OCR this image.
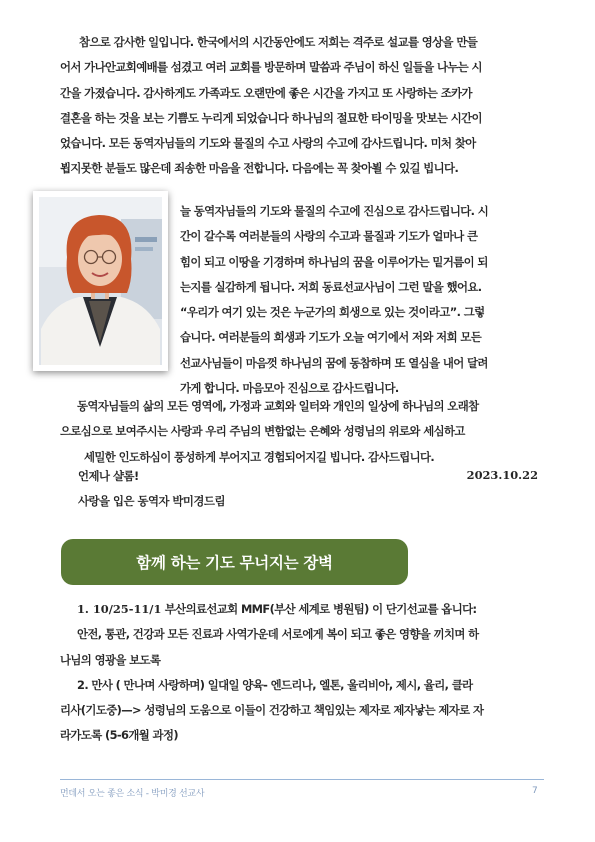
참으로 감사한 일입니다. 한국에서의 시간동안에도 저희는 격주로 설교를 영상을 만들
어서 가나안교회예배를 섬겼고 여러 교회를 방문하며 말씀과 주님이 하신 일들을 나누는 시
간을 가졌습니다. 감사하게도 가족과도 오랜만에 좋은 시간을 가지고 또 사랑하는 조카가
결혼을 하는 것을 보는 기쁨도 누리게 되었습니다 하나님의 절묘한 타이밍을 맛보는 시간이
었습니다. 모든 동역자님들의 기도와 물질의 수고 사랑의 수고에 감사드립니다. 미처 찾아
뵙지못한 분들도 많은데 죄송한 마음을 전합니다. 다음에는 꼭 찾아뵐 수 있길 빕니다.
늘 동역자님들의 기도와 물질의 수고에 진심으로 감사드립니다. 시
간이 갈수록 여러분들의 사랑의 수고과 물질과 기도가 얼마나 큰
힘이 되고 이땅을 기경하며 하나님의 꿈을 이루어가는 밑거름이 되
는지를 실감하게 됩니다. 저희 동료선교사님이 그런 말을 했어요.
“우리가 여기 있는 것은 누군가의 희생으로 있는 것이라고”. 그렇
습니다. 여러분들의 희생과 기도가 오늘 여기에서 저와 저희 모든
선교사님들이 마음껏 하나님의 꿈에 동참하며 또 열심을 내어 달려
가게 합니다. 마음모아 진심으로 감사드립니다.
동역자님들의 삶의 모든 영역에, 가정과 교회와 일터와 개인의 일상에 하나님의 오래참
으로심으로 보여주시는 사랑과 우리 주님의 변함없는 은혜와 성령님의 위로와 세심하고
세밀한 인도하심이 풍성하게 부어지고 경험되어지길 빕니다. 감사드립니다.
언제나 샬롬!	2023.10.22
사랑을 입은 동역자 박미경드림
함께 하는 기도 무너지는 장벽
1. 10/25-11/1 부산의료선교회 MMF(부산 세계로 병원팀) 이 단기선교를 옵니다:
안전, 통관, 건강과 모든 진료과 사역가운데 서로에게 복이 되고 좋은 영향을 끼치며 하
나님의 영광을 보도록
2. 만사 ( 만나며 사랑하며) 일대일 양육- 엔드리나, 엘톤, 울리비아, 제시, 율리, 클라
리사(기도중)—> 성령님의 도움으로 이들이 건강하고 책임있는 제자로 제자낳는 제자로 자
라가도록 (5-6개월 과정)
먼데서 오는 좋은 소식 - 박미경 선교사	7
